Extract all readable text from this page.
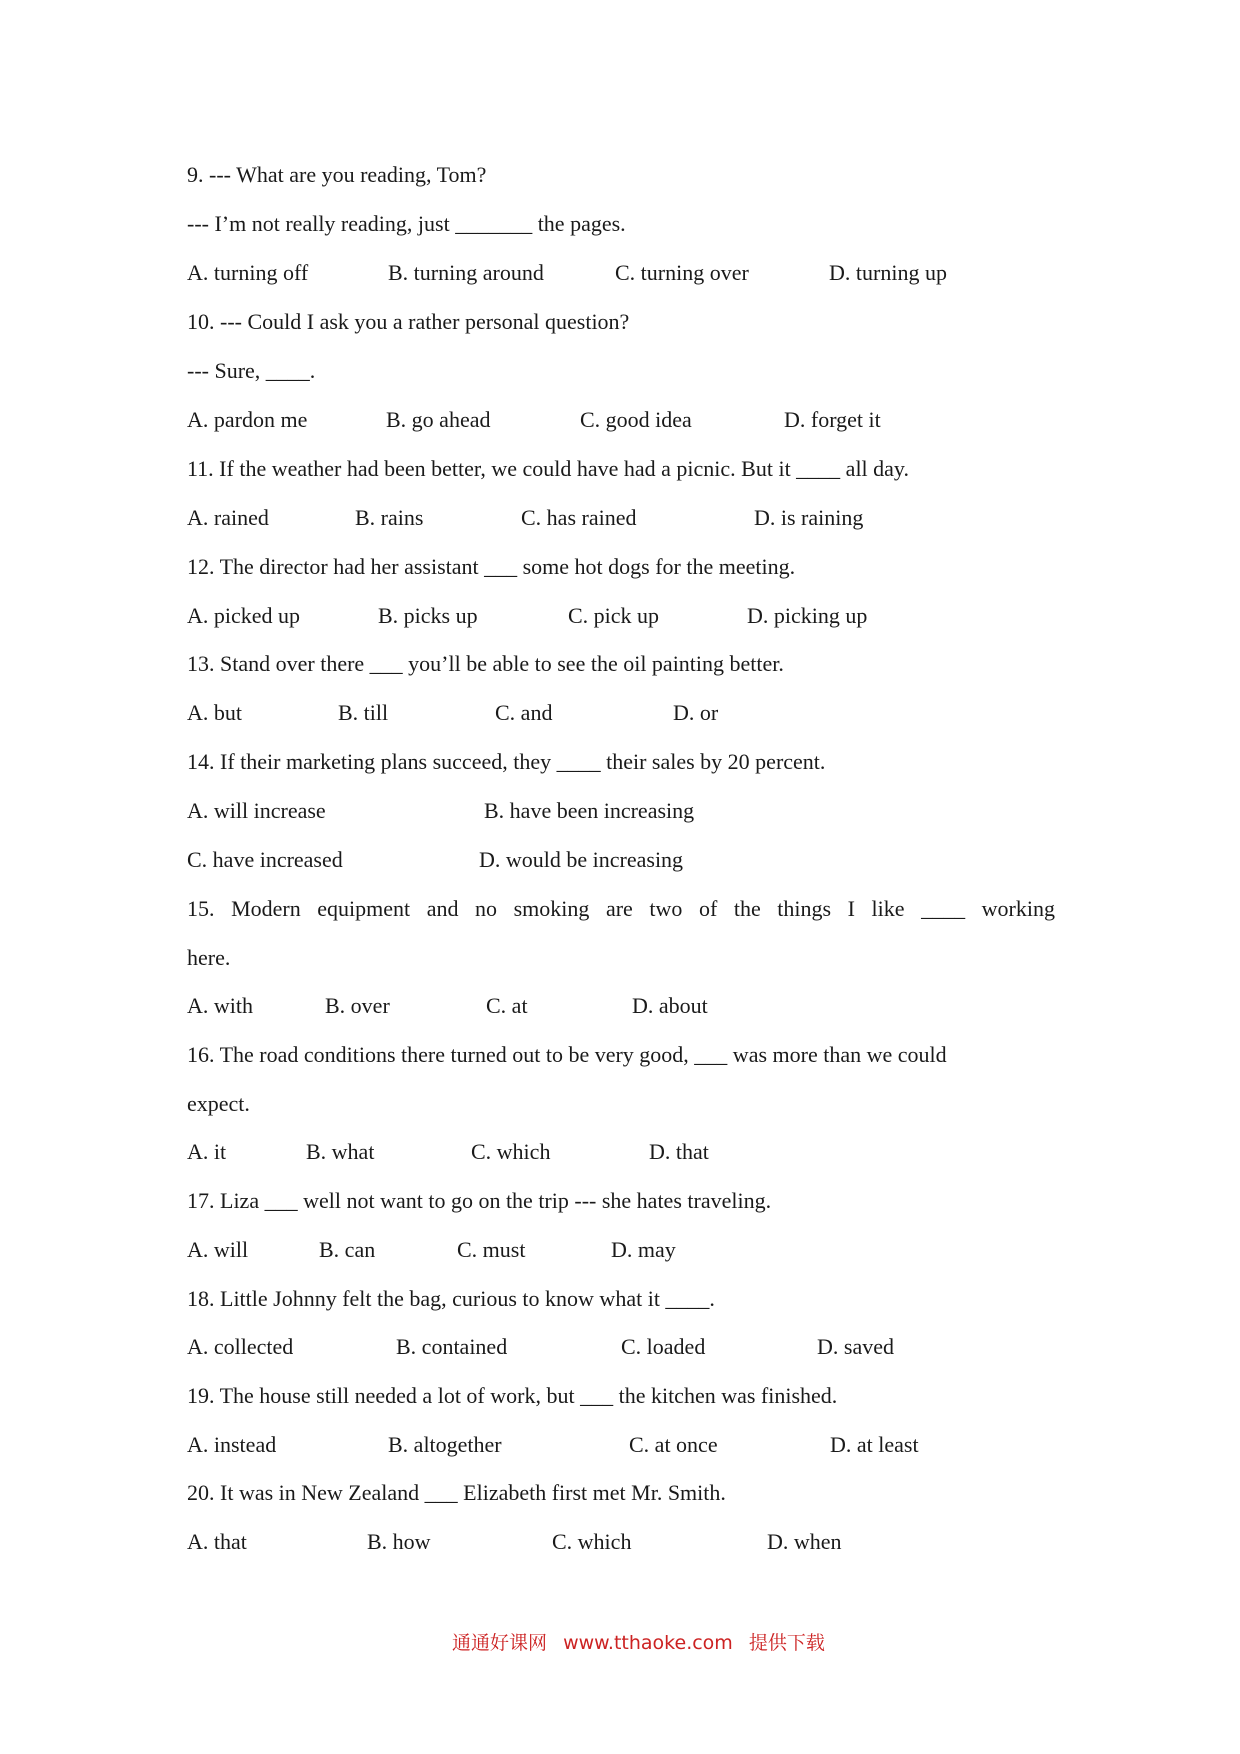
9. --- What are you reading, Tom?
--- I’m not really reading, just _______ the pages.
A. turning off	B. turning around	C. turning over	D. turning up
10. --- Could I ask you a rather personal question?
--- Sure, ____.
A. pardon me	B. go ahead	C. good idea	D. forget it
11. If the weather had been better, we could have had a picnic. But it ____ all day.
A. rained	B. rains	C. has rained	D. is raining
12. The director had her assistant ___ some hot dogs for the meeting.
A. picked up	B. picks up	C. pick up	D. picking up
13. Stand over there ___ you’ll be able to see the oil painting better.
A. but	B. till	C. and	D. or
14. If their marketing plans succeed, they ____ their sales by 20 percent.
A. will increase	B. have been increasing
C. have increased	D. would be increasing
15. Modern equipment and no smoking are two of the things I like ____ working
here.
A. with	B. over	C. at	D. about
16. The road conditions there turned out to be very good, ___ was more than we could
expect.
A. it	B. what	C. which	D. that
17. Liza ___ well not want to go on the trip --- she hates traveling.
A. will	B. can	C. must	D. may
18. Little Johnny felt the bag, curious to know what it ____.
A. collected	B. contained	C. loaded	D. saved
19. The house still needed a lot of work, but ___ the kitchen was finished.
A. instead	B. altogether	C. at once	D. at least
20. It was in New Zealand ___ Elizabeth first met Mr. Smith.
A. that	B. how	C. which	D. when
通通好课网 www.tthaoke.com 提供下载
